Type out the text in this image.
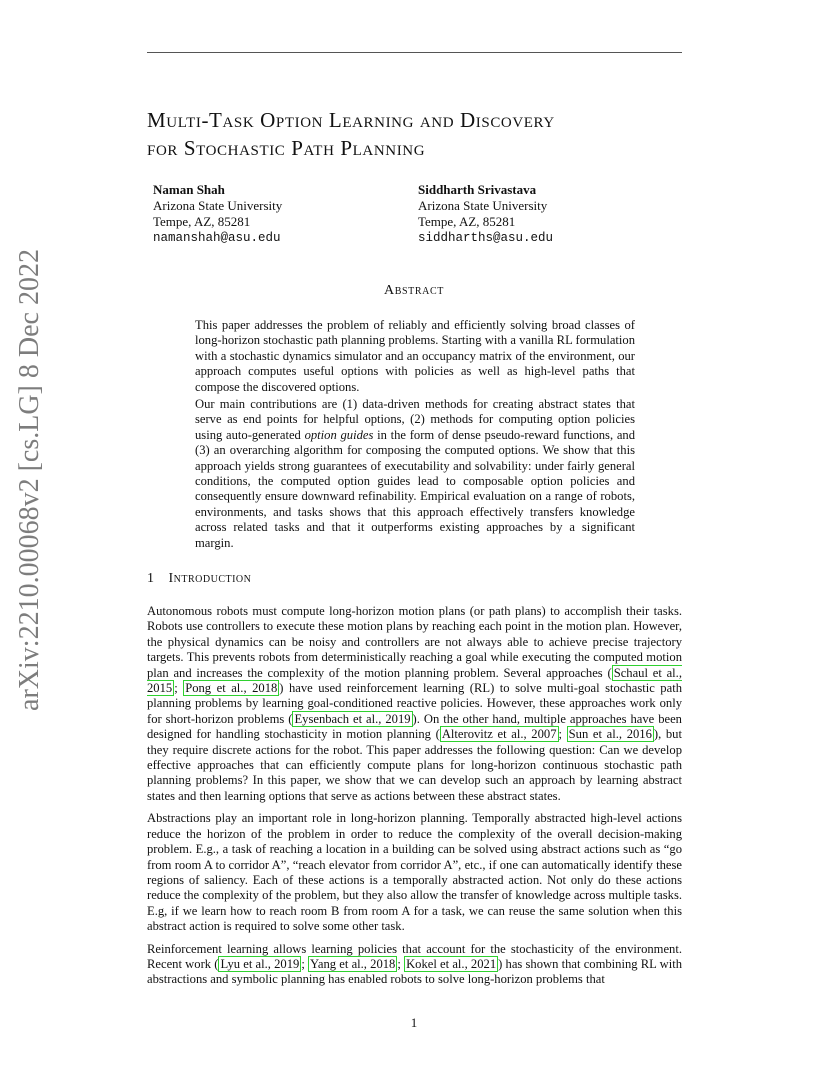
Multi-Task Option Learning and Discovery
for Stochastic Path Planning
Naman Shah
Arizona State University
Tempe, AZ, 85281
namanshah@asu.edu
Siddharth Srivastava
Arizona State University
Tempe, AZ, 85281
siddharths@asu.edu
arXiv:2210.00068v2 [cs.LG] 8 Dec 2022	Abstract

This paper addresses the problem of reliably and efficiently solving broad classes of long-horizon stochastic path planning problems. Starting with a vanilla RL formulation with a stochastic dynamics simulator and an occupancy matrix of the environment, our approach computes useful options with policies as well as high-level paths that compose the discovered options.

Our main contributions are (1) data-driven methods for creating abstract states that serve as end points for helpful options, (2) methods for computing option policies using auto-generated option guides in the form of dense pseudo-reward functions, and (3) an overarching algorithm for composing the computed options. We show that this approach yields strong guarantees of executability and solvability: under fairly general conditions, the computed option guides lead to composable option policies and consequently ensure downward refinability. Empirical evaluation on a range of robots, environments, and tasks shows that this approach effectively transfers knowledge across related tasks and that it outperforms existing approaches by a significant margin.

1 Introduction

Autonomous robots must compute long-horizon motion plans (or path plans) to accomplish their tasks. Robots use controllers to execute these motion plans by reaching each point in the motion plan. However, the physical dynamics can be noisy and controllers are not always able to achieve precise trajectory targets. This prevents robots from deterministically reaching a goal while executing the computed motion plan and increases the complexity of the motion planning problem. Several approaches ( Schaul et al., 2015 ; Pong et al., 2018 ) have used reinforcement learning (RL) to solve multi-goal stochastic path planning problems by learning goal-conditioned reactive policies. However, these approaches work only for short-horizon problems ( Eysenbach et al., 2019 ). On the other hand, multiple approaches have been designed for handling stochasticity in motion planning ( Alterovitz et al., 2007 ; Sun et al., 2016 ), but they require discrete actions for the robot. This paper addresses the following question: Can we develop effective approaches that can efficiently compute plans for long-horizon continuous stochastic path planning problems? In this paper, we show that we can develop such an approach by learning abstract states and then learning options that serve as actions between these abstract states.

Abstractions play an important role in long-horizon planning. Temporally abstracted high-level actions reduce the horizon of the problem in order to reduce the complexity of the overall decision-making problem. E.g., a task of reaching a location in a building can be solved using abstract actions such as “go from room A to corridor A”, “reach elevator from corridor A”, etc., if one can automatically identify these regions of saliency. Each of these actions is a temporally abstracted action. Not only do these actions reduce the complexity of the problem, but they also allow the transfer of knowledge across multiple tasks. E.g, if we learn how to reach room B from room A for a task, we can reuse the same solution when this abstract action is required to solve some other task.

Reinforcement learning allows learning policies that account for the stochasticity of the environment. Recent work ( Lyu et al., 2019 ; Yang et al., 2018 ; Kokel et al., 2021 ) has shown that combining RL with abstractions and symbolic planning has enabled robots to solve long-horizon problems that

1
